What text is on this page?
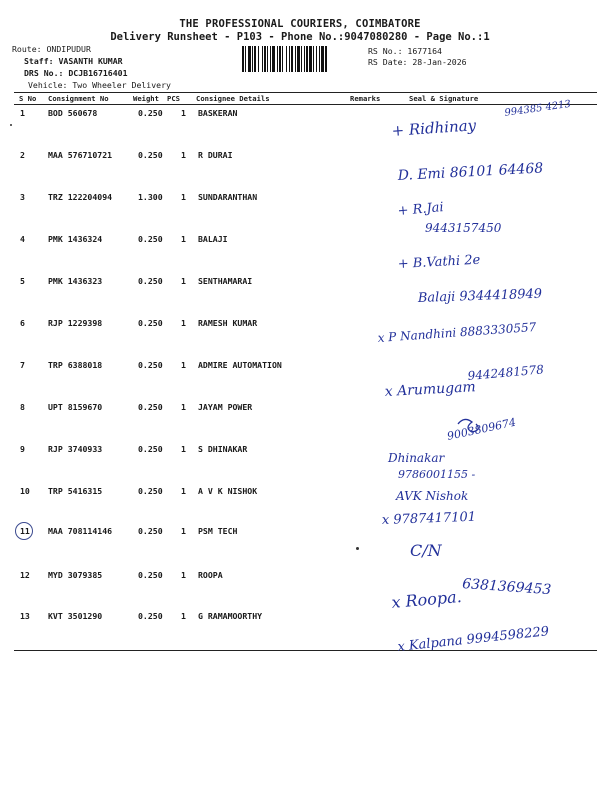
THE PROFESSIONAL COURIERS, COIMBATORE
Delivery Runsheet - P103 - Phone No.:9047080280 - Page No.:1
Route: ONDIPUDUR
Staff: VASANTH KUMAR
DRS No.: DCJB16716401
Vehicle: Two Wheeler Delivery
RS No.: 1677164
RS Date: 28-Jan-2026
S No Consignment No	Weight PCS Consignee Details	Remarks	Seal & Signature
1	BOD 560678	0.250 1 BASKERAN
2	MAA 576710721	0.250 1 R DURAI
3	TRZ 122204094	1.300 1 SUNDARANTHAN
4	PMK 1436324	0.250 1 BALAJI
5	PMK 1436323	0.250 1 SENTHAMARAI
6	RJP 1229398	0.250 1 RAMESH KUMAR
7	TRP 6388018	0.250 1 ADMIRE AUTOMATION
8	UPT 8159670	0.250 1 JAYAM POWER
9	RJP 3740933	0.250 1 S DHINAKAR
10 TRP 5416315	0.250 1 A V K NISHOK
11 MAA 708114146	0.250 1 PSM TECH
12 MYD 3079385	0.250 1 ROOPA
13 KVT 3501290	0.250 1 G RAMAMOORTHY
994385 4213
+ Ridhinay
D. Emi 86101 64468
+ R.Jai
9443157450
+ B.Vathi 2e
Balaji 9344418949
x P Nandhini 8883330557
9442481578
x Arumugam
9003809674
Dhinakar
9786001155 -
AVK Nishok
x 9787417101
C/N
6381369453
x Roopa.
x Kalpana 9994598229
